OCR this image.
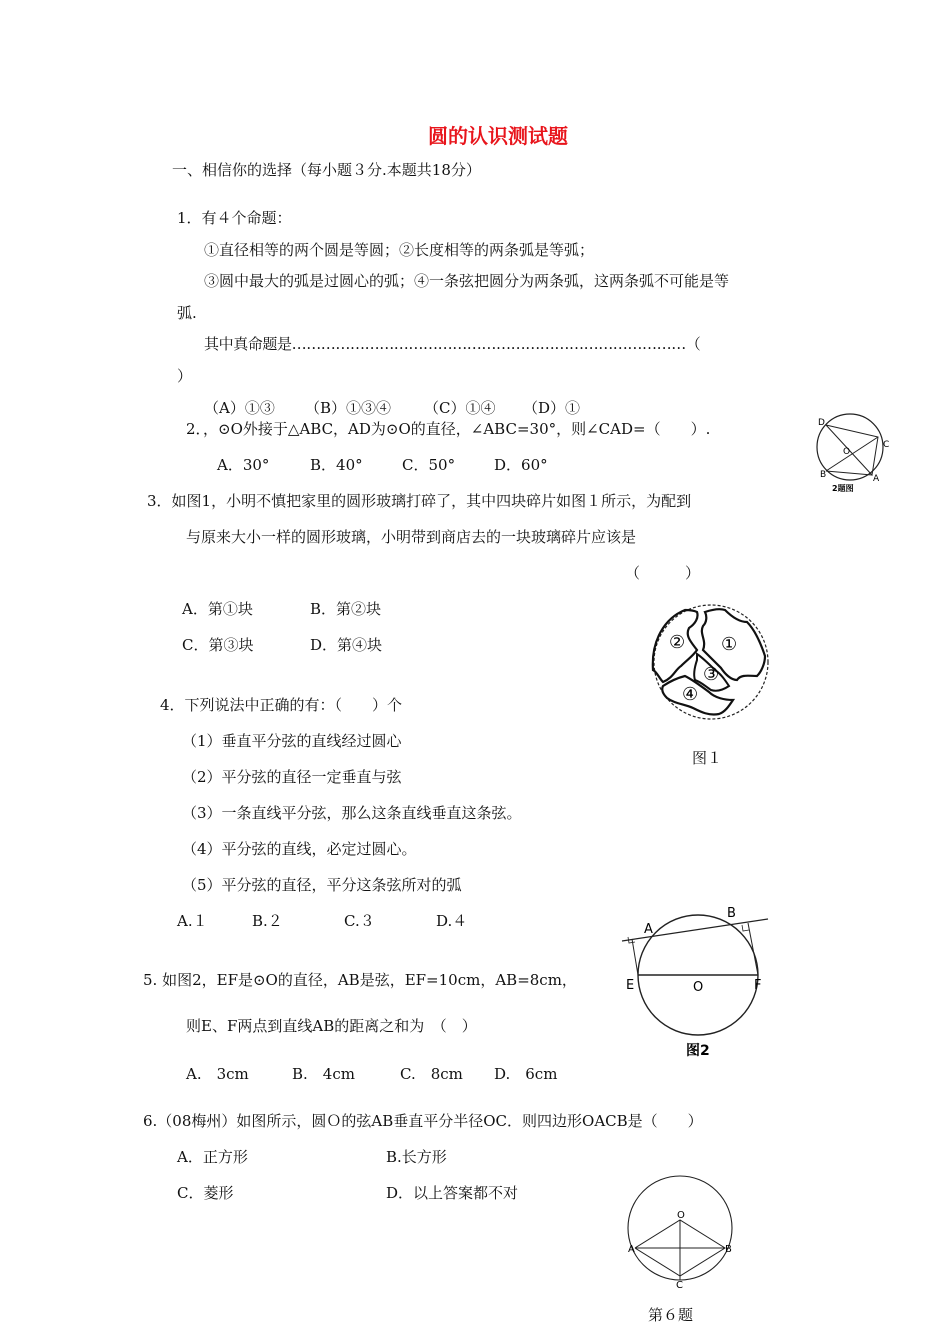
圆的认识测试题
一、相信你的选择（每小题３分.本题共18分）
1．有４个命题：
①直径相等的两个圆是等圆；②长度相等的两条弧是等弧；
③圆中最大的弧是过圆心的弧；④一条弦把圆分为两条弧，这两条弧不可能是等
弧.
其中真命题是………………………………………………………………………（
）
（A）①③ （B）①③④ （C）①④ （D）①
2．，⊙O外接于△ABC，AD为⊙O的直径，∠ABC=30°，则∠CAD=（　　）.
A．30°	B．40°	C．50°	D．60°
D
C
O
B	A
2题图
3．如图1，小明不慎把家里的圆形玻璃打碎了，其中四块碎片如图１所示，为配到
与原来大小一样的圆形玻璃，小明带到商店去的一块玻璃碎片应该是
（　　　）
A．第①块	B．第②块
C．第③块	D．第④块	② ①
③
④
图１
4．下列说法中正确的有：（　　）个
（1）垂直平分弦的直线经过圆心
（2）平分弦的直径一定垂直与弦
（3）一条直线平分弦，那么这条直线垂直这条弦。
（4）平分弦的直线，必定过圆心。
（5）平分弦的直径，平分这条弦所对的弧
A.１	B.２	C.３	D.４
5. 如图2，EF是⊙O的直径，AB是弦，EF=10cm，AB=8cm，
则E、F两点到直线AB的距离之和为　（　）
A.　3cm	B.　4cm	C.　8cm D.　6cm
A
B
E	O	F
图2
6.（08梅州）如图所示，圆Ｏ的弦AB垂直平分半径OC．则四边形OACB是（　　）
A．正方形	B.长方形
C．菱形	D．以上答案都不对
O
A	B
C
第６题
